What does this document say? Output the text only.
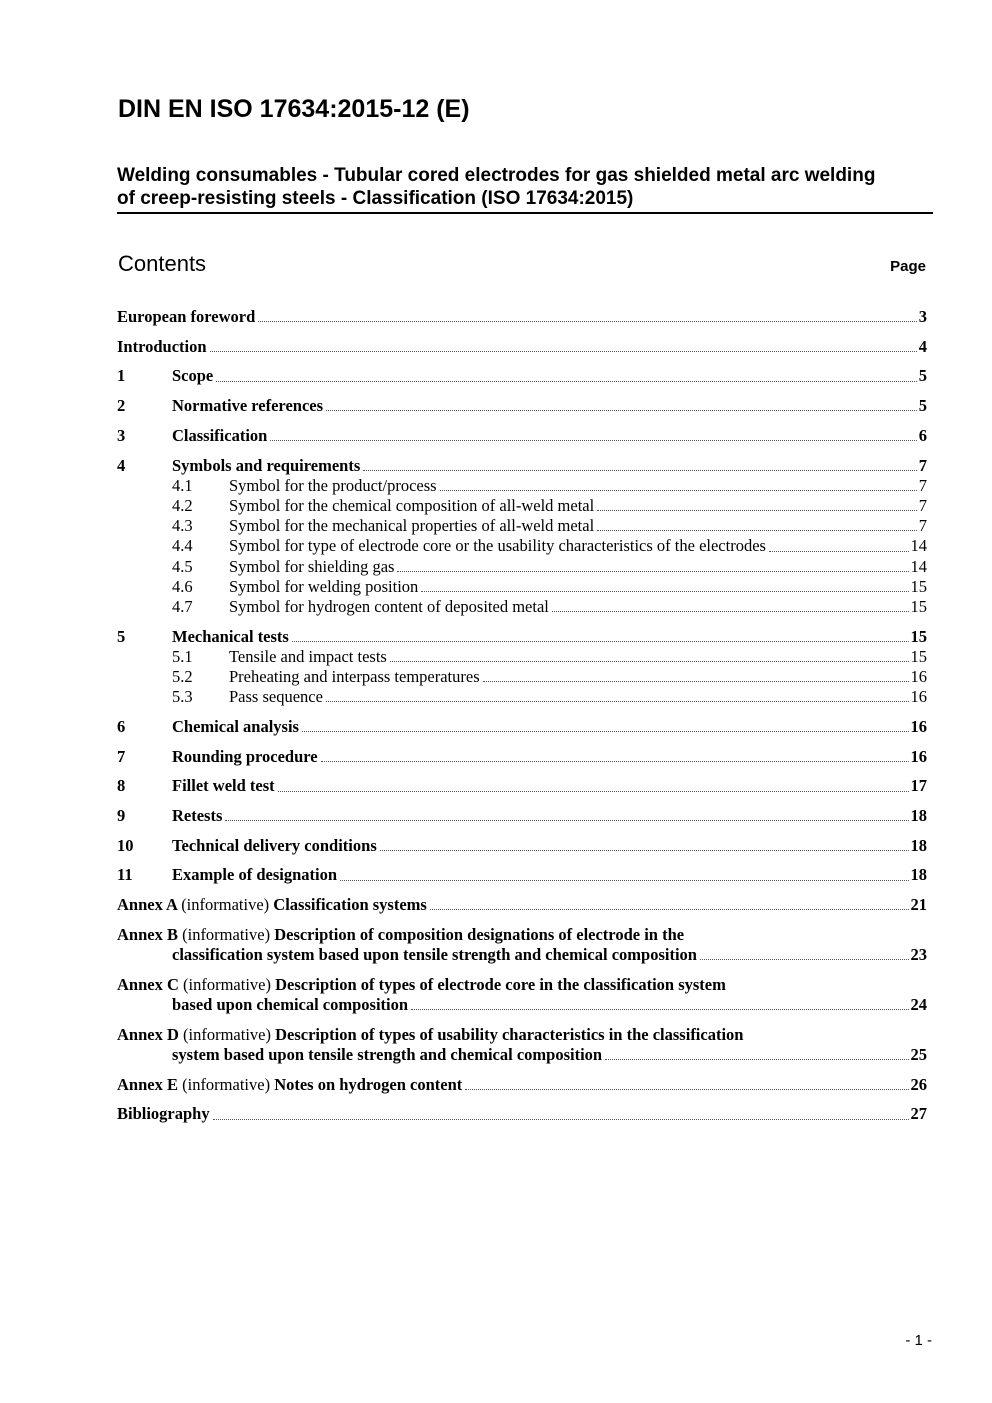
DIN EN ISO 17634:2015-12 (E)
Welding consumables - Tubular cored electrodes for gas shielded metal arc welding
of creep-resisting steels - Classification (ISO 17634:2015)
Contents	Page
European foreword	3
Introduction	4
1	Scope	5
2	Normative references	5
3	Classification	6
4	Symbols and requirements	7
4.1	Symbol for the product/process	7
4.2	Symbol for the chemical composition of all-weld metal	7
4.3	Symbol for the mechanical properties of all-weld metal	7
4.4	Symbol for type of electrode core or the usability characteristics of the electrodes	14
4.5	Symbol for shielding gas	14
4.6	Symbol for welding position	15
4.7	Symbol for hydrogen content of deposited metal	15
5	Mechanical tests	15
5.1	Tensile and impact tests	15
5.2	Preheating and interpass temperatures	16
5.3	Pass sequence	16
6	Chemical analysis	16
7	Rounding procedure	16
8	Fillet weld test	17
9	Retests	18
10	Technical delivery conditions	18
11	Example of designation	18
Annex A (informative) Classification systems	21
Annex B (informative) Description of composition designations of electrode in the
classification system based upon tensile strength and chemical composition	23
Annex C (informative) Description of types of electrode core in the classification system
based upon chemical composition	24
Annex D (informative) Description of types of usability characteristics in the classification
system based upon tensile strength and chemical composition	25
Annex E (informative) Notes on hydrogen content	26
Bibliography	27
- 1 -
